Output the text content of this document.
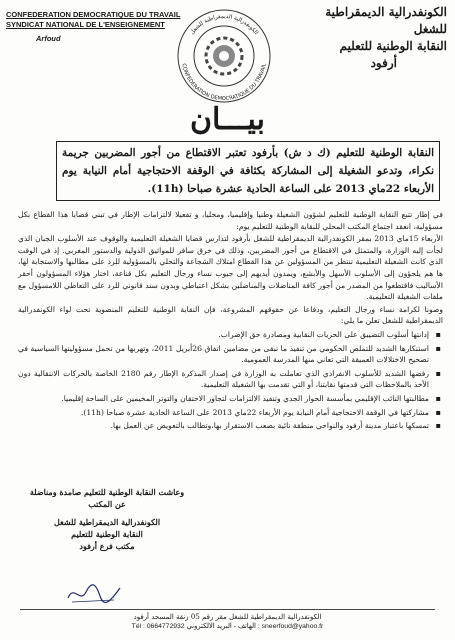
CONFEDERATION DEMOCRATIQUE DU TRAVAIL
SYNDICAT NATIONAL DE L'ENSEIGNEMENT
Arfoud
الكونفدرالية الديمقراطية للشغل
CONFEDERATION DEMOCRATIQUE DU TRAVAIL
الكونفدرالية الديمقراطية للشغل
النقابة الوطنية للتعليم
أرفود
بيـــان
النقابة الوطنية للتعليم (ك د ش) بأرفود تعتبر الاقتطاع من أجور المضربين جريمة نكراء، وتدعو الشغيلة إلى المشاركة بكثافة في الوقفة الاحتجاجية أمام النيابة يوم الأربعاء 22ماي 2013 على الساعة الحادية عشرة صباحا (11h).

في إطار تتبع النقابة الوطنية للتعليم لشؤون الشغيلة وطنيا وإقليميا، ومحليا، و تفعيلا لالتزامات الإطار في تبني قضايا هذا القطاع بكل مسؤولية، انعقد اجتماع المكتب المحلي للنقابة الوطنية للتعليم يوم:

الأربعاء 15ماي 2013 بمقر الكونفدرالية الديمقراطية للشغل بأرفود لتدارس قضايا الشغيلة التعليمية والوقوف عند الأسلوب الجبان الذي لجأت إليه الوزارة، والمتمثل في الاقتطاع من أجور المضربين، وذلك في خرق سافر للمواثيق الدولية والدستور المغربي. إذ في الوقت الذي كانت الشغيلة التعليمية تنتظر من المسؤولين عن هذا القطاع امتلاك الشجاعة والتحلي بالمسؤولية للرد على مطالبها والاستجابة لها، ها هم يلجؤون إلى الأسلوب الأسهل والأبشع، ويمدون أيديهم إلى جيوب نساء ورجال التعليم بكل قناعة، اختار هؤلاء المسؤولون أحقر الأساليب فاقتطعوا من المصدر من أجور كافة المناضلات والمناضلين بشكل اعتباطي وبدون سند قانوني للرد على التعاطي اللامسؤول مع ملفات الشغيلة التعليمية.

وصونا لكرامة نساء ورجال التعليم، ودفاعا عن حقوقهم المشروعة، فإن النقابة الوطنية للتعليم المنضوية تحت لواء الكونفدرالية الديمقراطية للشغل تعلن ما يلي:

▪ إدانتها أسلوب التضييق على الحريات النقابية ومصادرة حق الإضراب.
▪ استنكارها الشديد للتملص الحكومي من تنفيذ ما تبقى من مضامين اتفاق 26أبريل 2011، وتهربها من تحمل مسؤوليتها السياسية في تصحيح الاختلالات العميقة التي تعاني منها المدرسة العمومية.
▪ رفضها الشديد للأسلوب الانفرادي الذي تعاملت به الوزارة في إصدار المذكرة الإطار رقم 2180 الخاصة بالحركات الانتقالية دون الأخذ بالملاحظات التي قدمتها نقابتنا، أو التي تقدمت بها الشغيلة التعليمية.
▪ مطالبتها النائب الإقليمي بمأسسة الحوار الجدي وتنفيذ الالتزامات لتجاوز الاحتقان والتوتر المخيمين على الساحة إقليميا.
▪ مشاركتها في الوقفة الاحتجاجية أمام النيابة يوم الأربعاء 22ماي 2013 على الساعة الحادية عشرة صباحا (11h).
▪ تمسكها باعتبار مدينة أرفود والنواحي منطقة نائية بصعب الاستقرار بها،وتطالب بالتعويض عن العمل بها.
وعاشت النقابة الوطنية للتعليم صامدة ومناضلة
عن المكتب
الكونفدرالية الديمقراطية للشغل
النقابة الوطنية للتعليم
مكتب فرع أرفود
الكونفدرالية الديمقراطية للشغل مقر رقم 05 زنقة المسجد أرفود
Tél : 0664772932 الهاتف - البريد الالكتروني : sneerfoud@yahoo.fr
